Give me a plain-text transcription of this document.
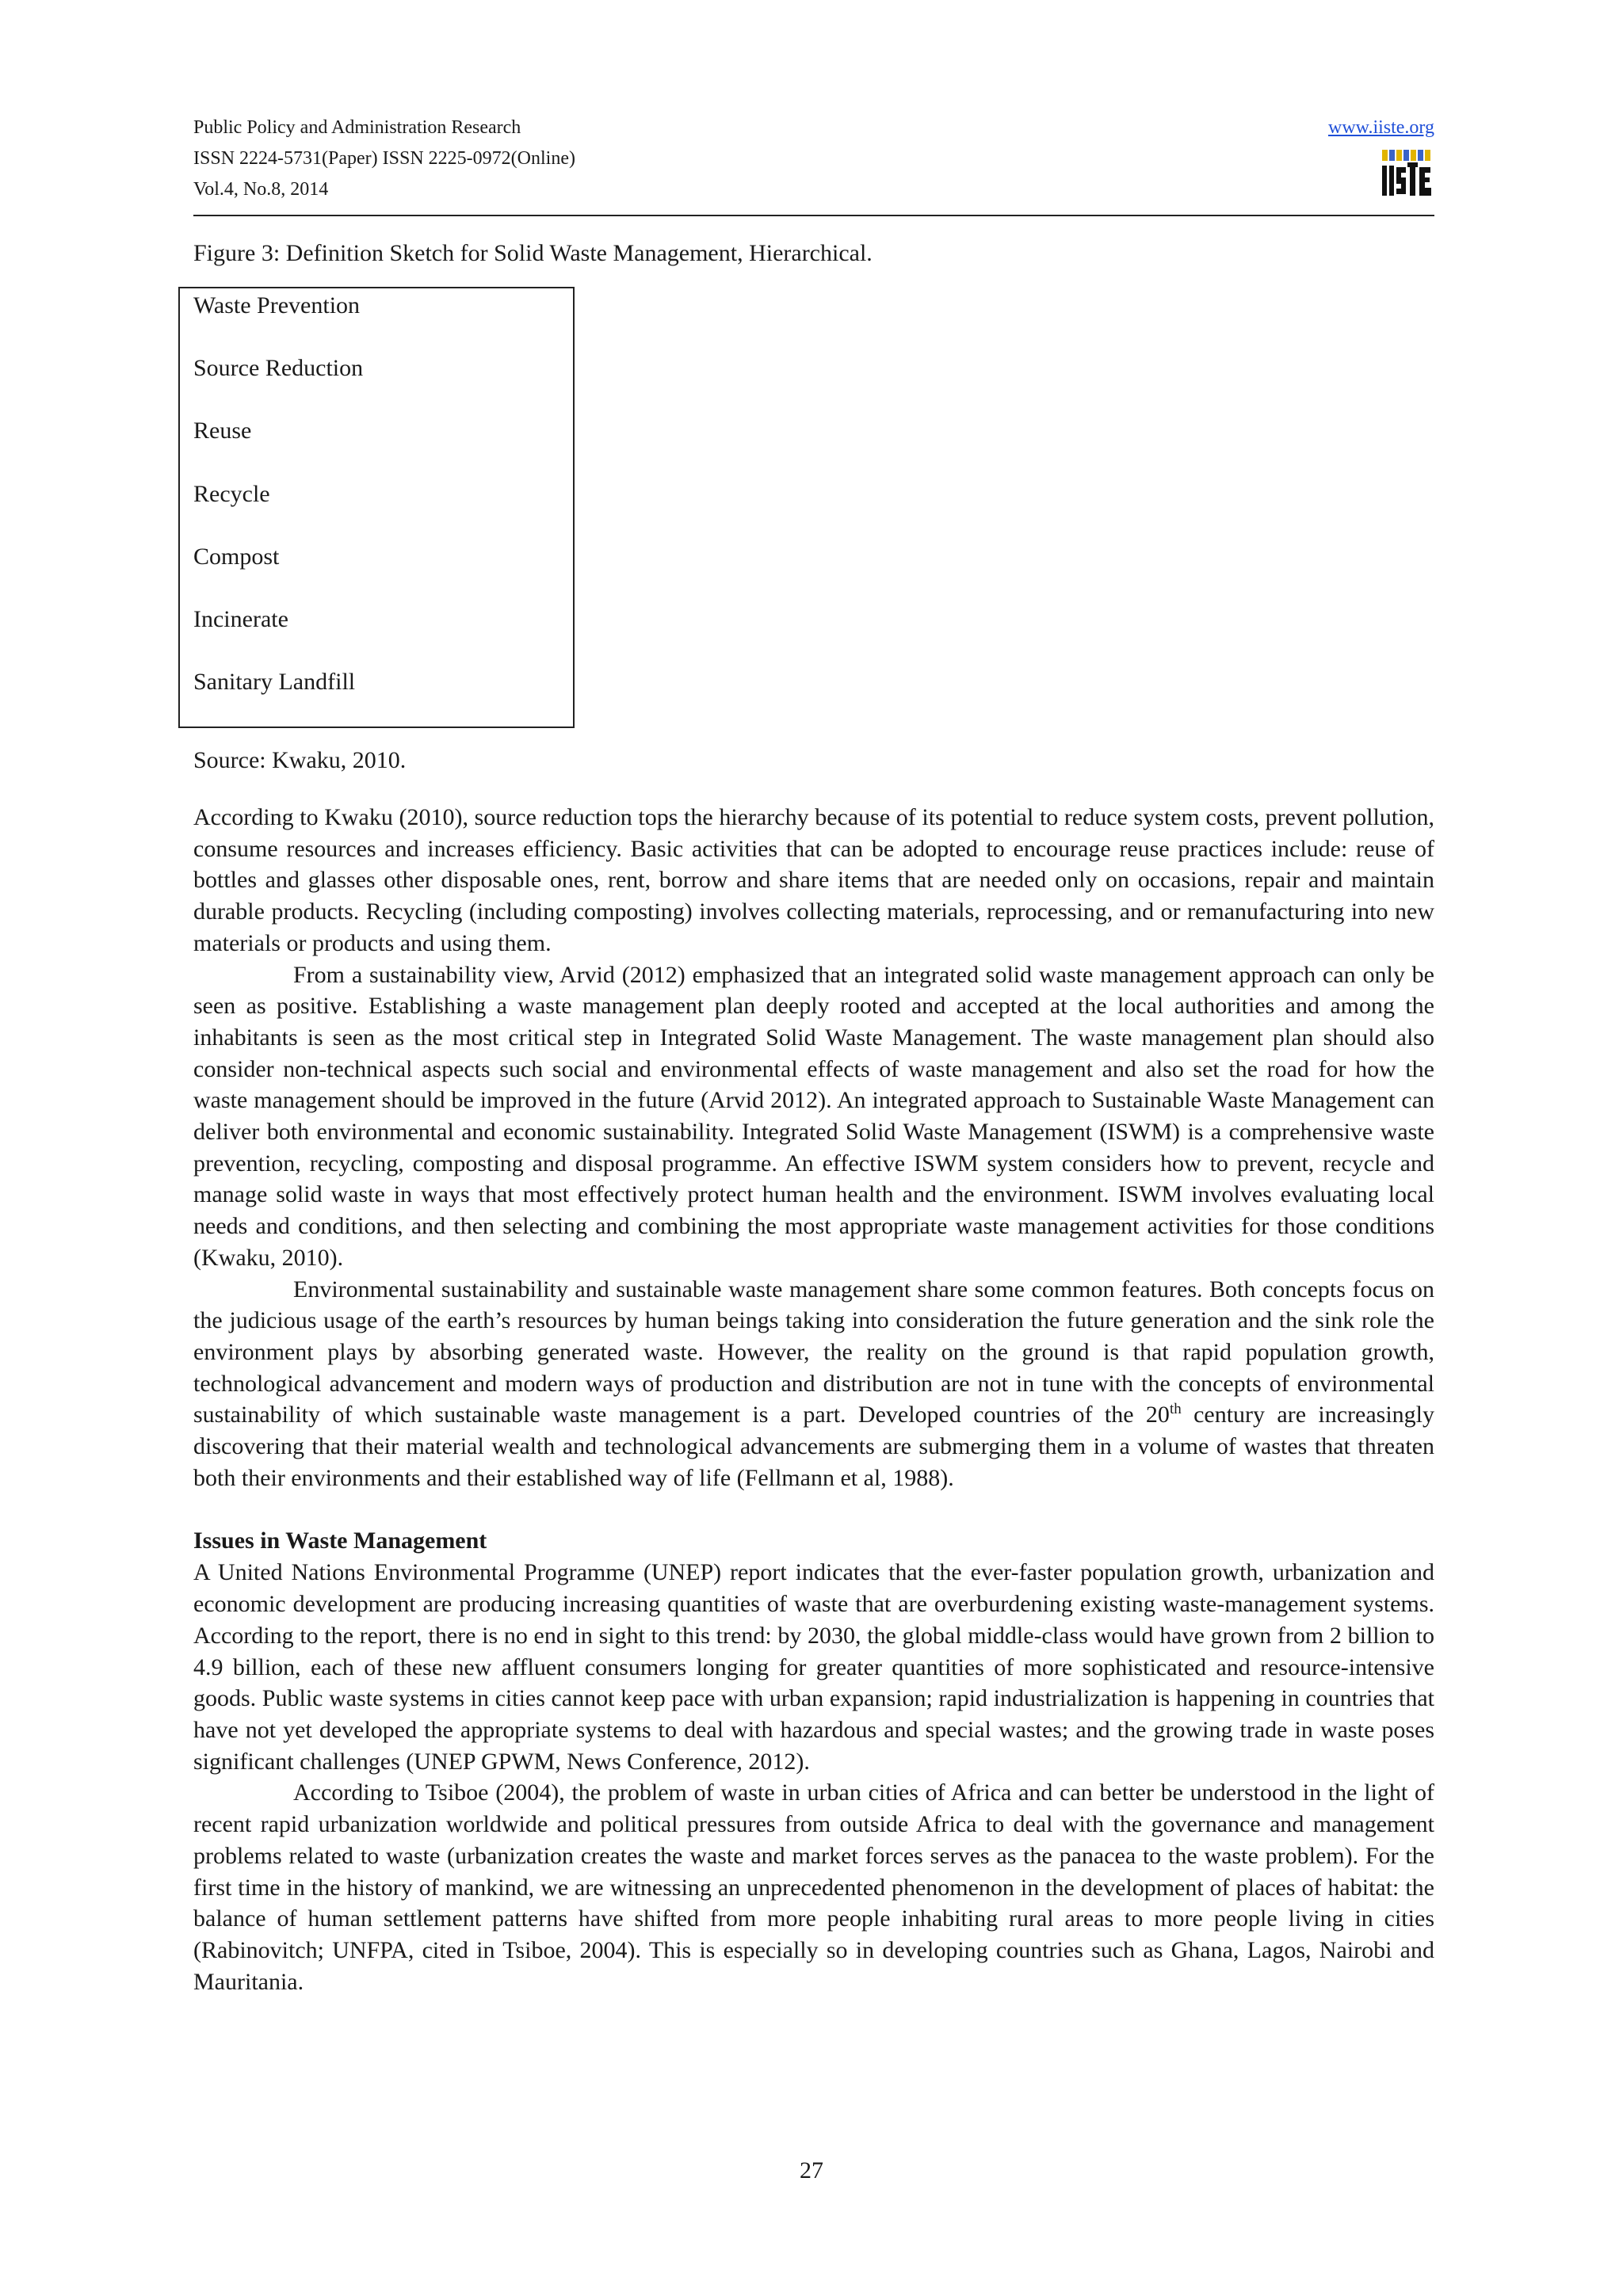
Public Policy and Administration Research
ISSN 2224-5731(Paper) ISSN 2225-0972(Online)
Vol.4, No.8, 2014
www.iiste.org
Figure 3: Definition Sketch for Solid Waste Management, Hierarchical.
Waste Prevention
Source Reduction
Reuse
Recycle
Compost
Incinerate
Sanitary Landfill
Source: Kwaku, 2010.

According to Kwaku (2010), source reduction tops the hierarchy because of its potential to reduce system costs, prevent pollution, consume resources and increases efficiency. Basic activities that can be adopted to encourage reuse practices include: reuse of bottles and glasses other disposable ones, rent, borrow and share items that are needed only on occasions, repair and maintain durable products. Recycling (including composting) involves collecting materials, reprocessing, and or remanufacturing into new materials or products and using them.

From a sustainability view, Arvid (2012) emphasized that an integrated solid waste management approach can only be seen as positive. Establishing a waste management plan deeply rooted and accepted at the local authorities and among the inhabitants is seen as the most critical step in Integrated Solid Waste Management. The waste management plan should also consider non-technical aspects such social and environmental effects of waste management and also set the road for how the waste management should be improved in the future (Arvid 2012). An integrated approach to Sustainable Waste Management can deliver both environmental and economic sustainability. Integrated Solid Waste Management (ISWM) is a comprehensive waste prevention, recycling, composting and disposal programme. An effective ISWM system considers how to prevent, recycle and manage solid waste in ways that most effectively protect human health and the environment. ISWM involves evaluating local needs and conditions, and then selecting and combining the most appropriate waste management activities for those conditions (Kwaku, 2010).

Environmental sustainability and sustainable waste management share some common features. Both concepts focus on the judicious usage of the earth’s resources by human beings taking into consideration the future generation and the sink role the environment plays by absorbing generated waste. However, the reality on the ground is that rapid population growth, technological advancement and modern ways of production and distribution are not in tune with the concepts of environmental sustainability of which sustainable waste management is a part. Developed countries of the 20th century are increasingly discovering that their material wealth and technological advancements are submerging them in a volume of wastes that threaten both their environments and their established way of life (Fellmann et al, 1988).

Issues in Waste Management

A United Nations Environmental Programme (UNEP) report indicates that the ever-faster population growth, urbanization and economic development are producing increasing quantities of waste that are overburdening existing waste-management systems. According to the report, there is no end in sight to this trend: by 2030, the global middle-class would have grown from 2 billion to 4.9 billion, each of these new affluent consumers longing for greater quantities of more sophisticated and resource-intensive goods. Public waste systems in cities cannot keep pace with urban expansion; rapid industrialization is happening in countries that have not yet developed the appropriate systems to deal with hazardous and special wastes; and the growing trade in waste poses significant challenges (UNEP GPWM, News Conference, 2012).

According to Tsiboe (2004), the problem of waste in urban cities of Africa and can better be understood in the light of recent rapid urbanization worldwide and political pressures from outside Africa to deal with the governance and management problems related to waste (urbanization creates the waste and market forces serves as the panacea to the waste problem). For the first time in the history of mankind, we are witnessing an unprecedented phenomenon in the development of places of habitat: the balance of human settlement patterns have shifted from more people inhabiting rural areas to more people living in cities (Rabinovitch; UNFPA, cited in Tsiboe, 2004). This is especially so in developing countries such as Ghana, Lagos, Nairobi and Mauritania.

27
